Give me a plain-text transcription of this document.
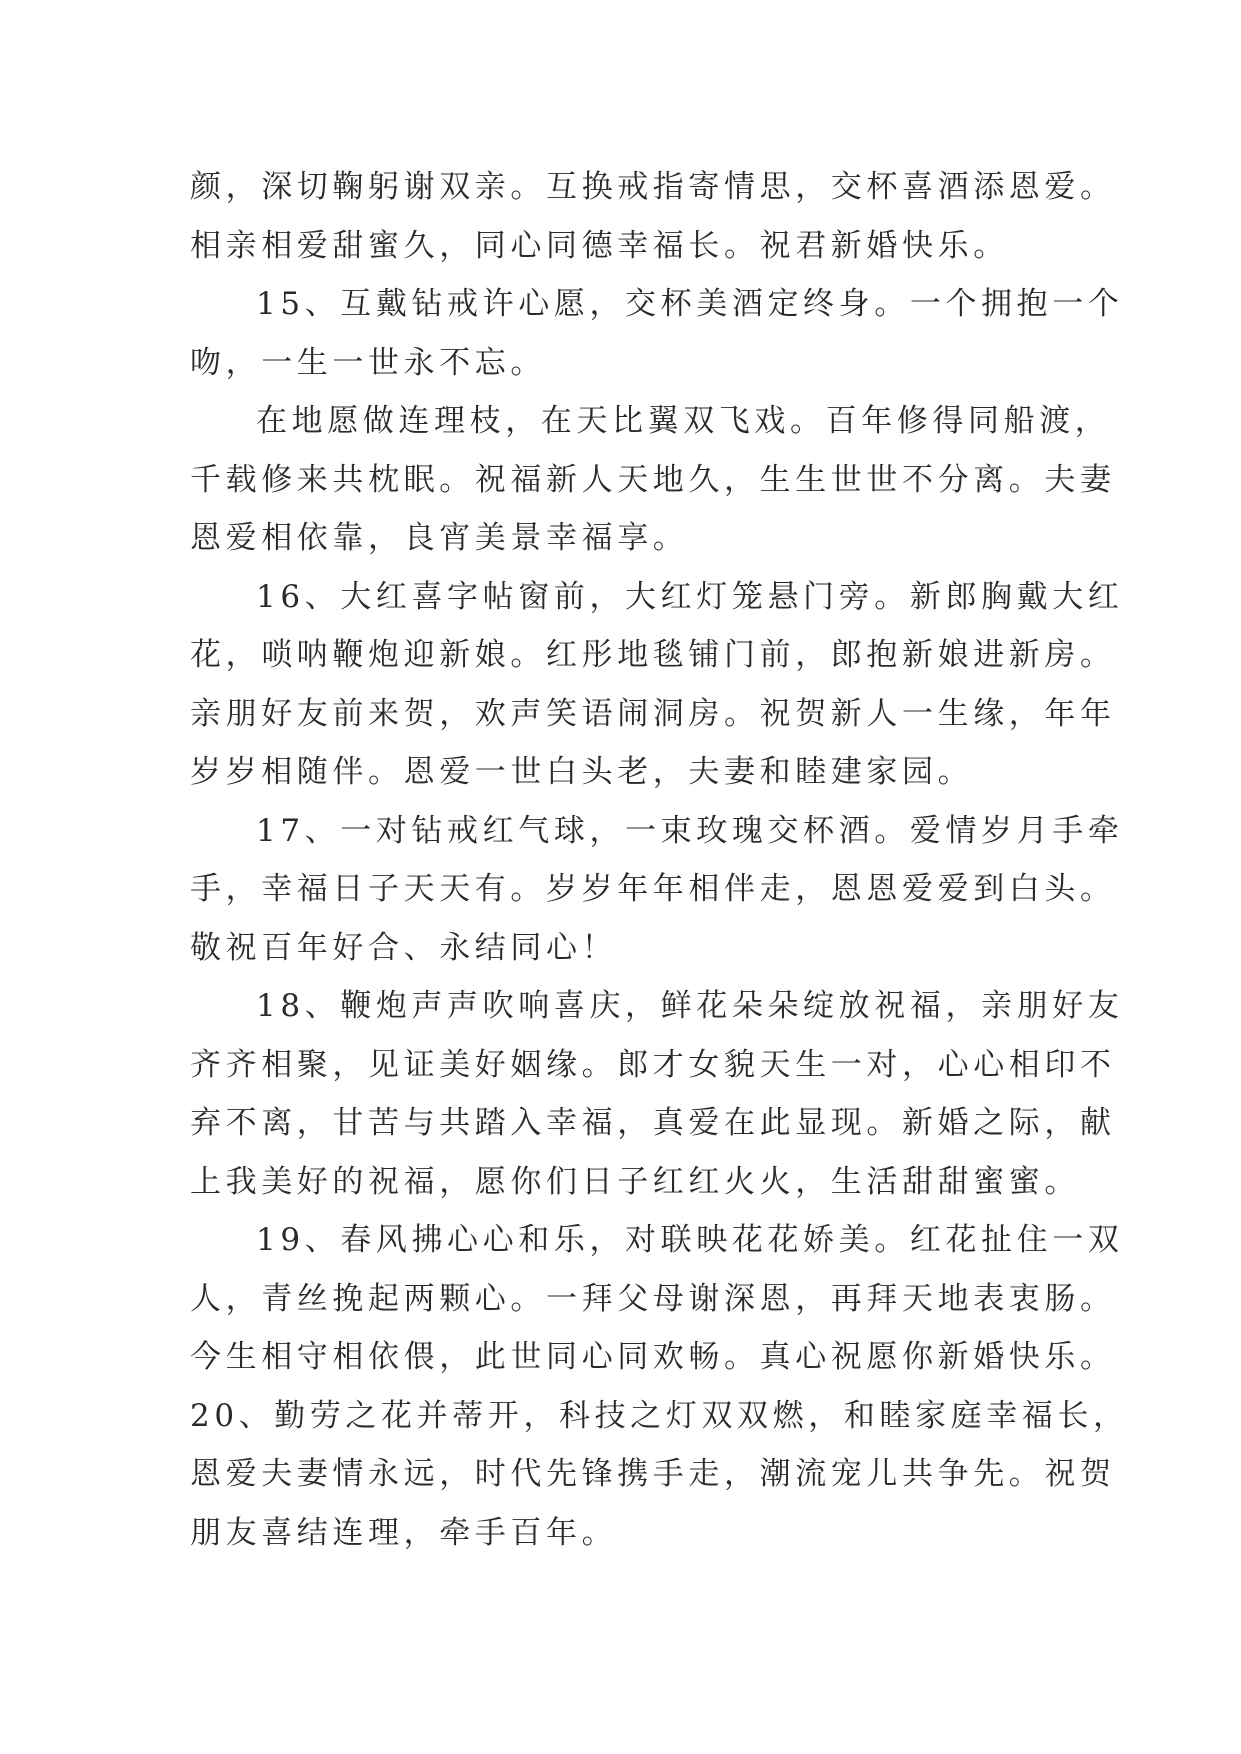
颜，深切鞠躬谢双亲。互换戒指寄情思，交杯喜酒添恩爱。
相亲相爱甜蜜久，同心同德幸福长。祝君新婚快乐。
15、互戴钻戒许心愿，交杯美酒定终身。一个拥抱一个
吻，一生一世永不忘。
在地愿做连理枝，在天比翼双飞戏。百年修得同船渡，
千载修来共枕眠。祝福新人天地久，生生世世不分离。夫妻
恩爱相依靠，良宵美景幸福享。
16、大红喜字帖窗前，大红灯笼悬门旁。新郎胸戴大红
花，唢呐鞭炮迎新娘。红彤地毯铺门前，郎抱新娘进新房。
亲朋好友前来贺，欢声笑语闹洞房。祝贺新人一生缘，年年
岁岁相随伴。恩爱一世白头老，夫妻和睦建家园。
17、一对钻戒红气球，一束玫瑰交杯酒。爱情岁月手牵
手，幸福日子天天有。岁岁年年相伴走，恩恩爱爱到白头。
敬祝百年好合、永结同心！
18、鞭炮声声吹响喜庆，鲜花朵朵绽放祝福，亲朋好友
齐齐相聚，见证美好姻缘。郎才女貌天生一对，心心相印不
弃不离，甘苦与共踏入幸福，真爱在此显现。新婚之际，献
上我美好的祝福，愿你们日子红红火火，生活甜甜蜜蜜。
19、春风拂心心和乐，对联映花花娇美。红花扯住一双
人，青丝挽起两颗心。一拜父母谢深恩，再拜天地表衷肠。
今生相守相依偎，此世同心同欢畅。真心祝愿你新婚快乐。
20、勤劳之花并蒂开，科技之灯双双燃，和睦家庭幸福长，
恩爱夫妻情永远，时代先锋携手走，潮流宠儿共争先。祝贺
朋友喜结连理，牵手百年。
